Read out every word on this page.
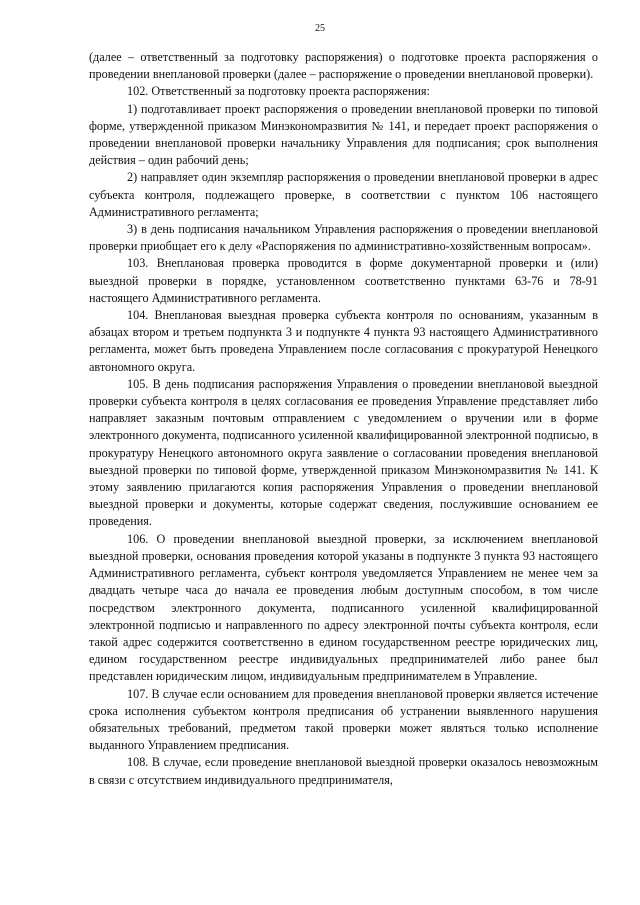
25

(далее – ответственный за подготовку распоряжения) о подготовке проекта распоряжения о проведении внеплановой проверки (далее – распоряжение о проведении внеплановой проверки).

102. Ответственный за подготовку проекта распоряжения:

1) подготавливает проект распоряжения о проведении внеплановой проверки по типовой форме, утвержденной приказом Минэкономразвития № 141, и передает проект распоряжения о проведении внеплановой проверки начальнику Управления для подписания; срок выполнения действия – один рабочий день;

2) направляет один экземпляр распоряжения о проведении внеплановой проверки в адрес субъекта контроля, подлежащего проверке, в соответствии с пунктом 106 настоящего Административного регламента;

3) в день подписания начальником Управления распоряжения о проведении внеплановой проверки приобщает его к делу «Распоряжения по административно-хозяйственным вопросам».

103. Внеплановая проверка проводится в форме документарной проверки и (или) выездной проверки в порядке, установленном соответственно пунктами 63-76 и 78-91 настоящего Административного регламента.

104. Внеплановая выездная проверка субъекта контроля по основаниям, указанным в абзацах втором и третьем подпункта 3 и подпункте 4 пункта 93 настоящего Административного регламента, может быть проведена Управлением после согласования с прокуратурой Ненецкого автономного округа.

105. В день подписания распоряжения Управления о проведении внеплановой выездной проверки субъекта контроля в целях согласования ее проведения Управление представляет либо направляет заказным почтовым отправлением с уведомлением о вручении или в форме электронного документа, подписанного усиленной квалифицированной электронной подписью, в прокуратуру Ненецкого автономного округа заявление о согласовании проведения внеплановой выездной проверки по типовой форме, утвержденной приказом Минэкономразвития № 141. К этому заявлению прилагаются копия распоряжения Управления о проведении внеплановой выездной проверки и документы, которые содержат сведения, послужившие основанием ее проведения.

106. О проведении внеплановой выездной проверки, за исключением внеплановой выездной проверки, основания проведения которой указаны в подпункте 3 пункта 93 настоящего Административного регламента, субъект контроля уведомляется Управлением не менее чем за двадцать четыре часа до начала ее проведения любым доступным способом, в том числе посредством электронного документа, подписанного усиленной квалифицированной электронной подписью и направленного по адресу электронной почты субъекта контроля, если такой адрес содержится соответственно в едином государственном реестре юридических лиц, едином государственном реестре индивидуальных предпринимателей либо ранее был представлен юридическим лицом, индивидуальным предпринимателем в Управление.

107. В случае если основанием для проведения внеплановой проверки является истечение срока исполнения субъектом контроля предписания об устранении выявленного нарушения обязательных требований, предметом такой проверки может являться только исполнение выданного Управлением предписания.

108. В случае, если проведение внеплановой выездной проверки оказалось невозможным в связи с отсутствием индивидуального предпринимателя,
